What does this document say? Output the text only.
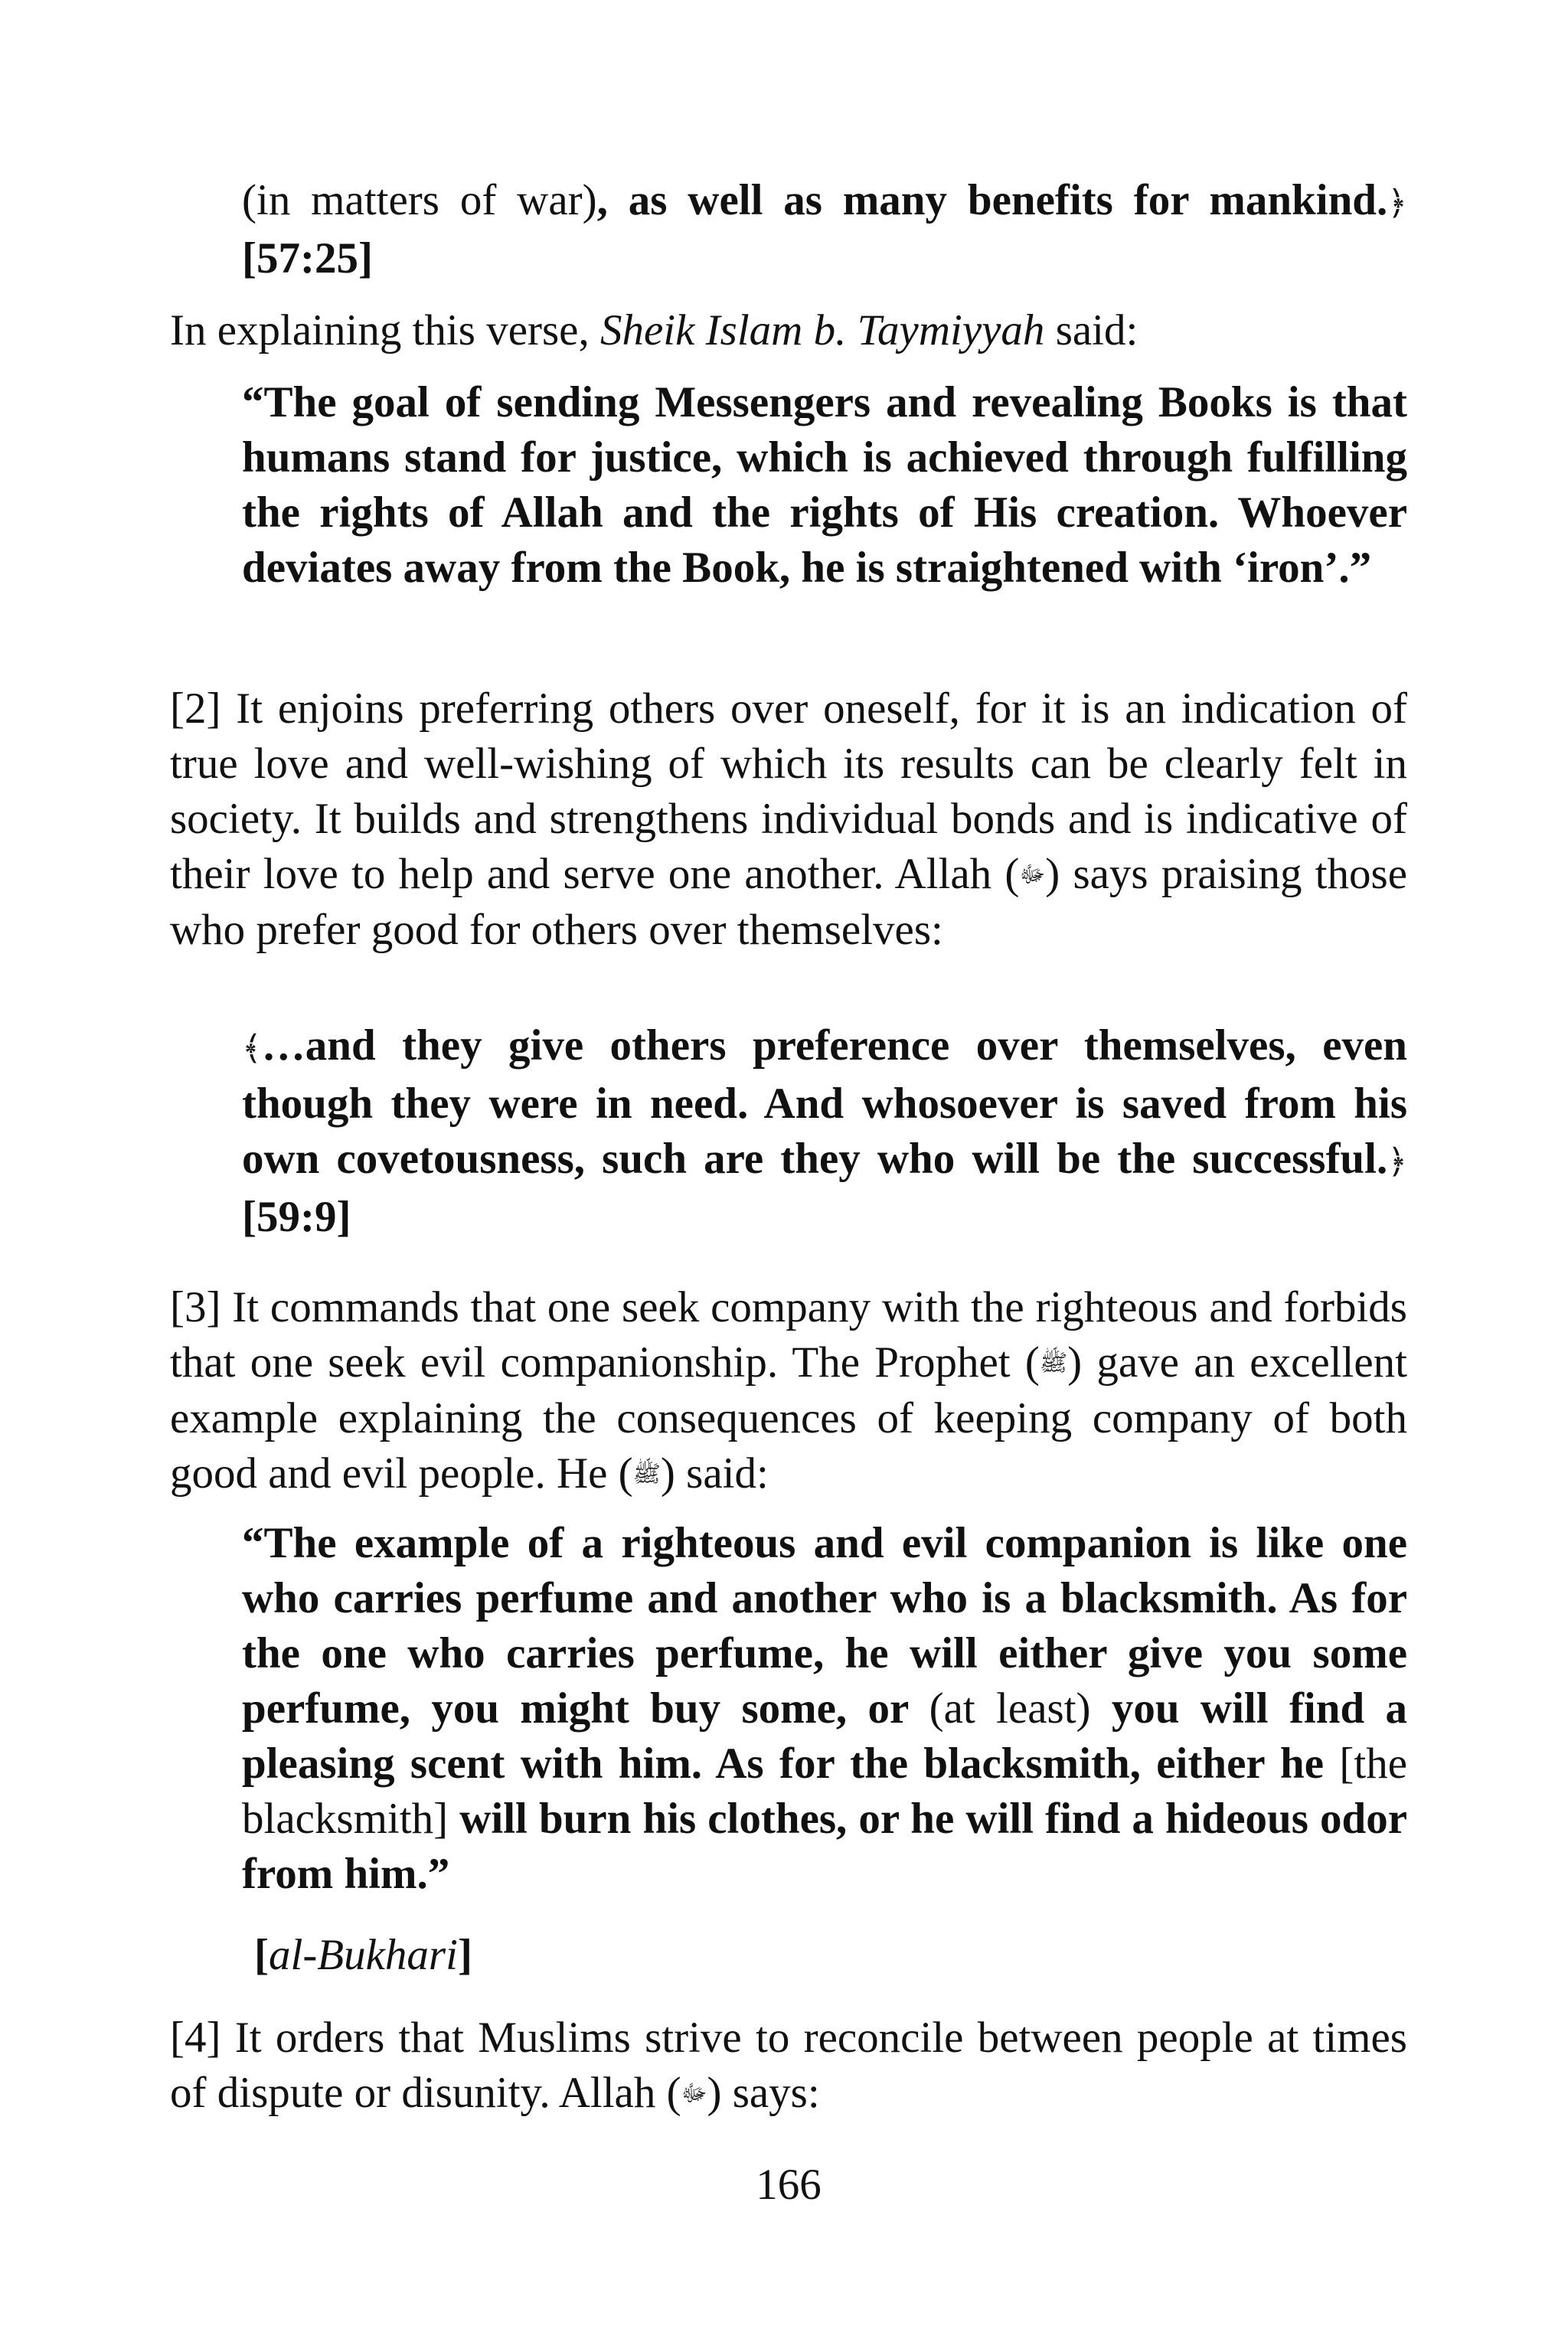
(in matters of war), as well as many benefits for mankind.﴿ [57:25]
In explaining this verse, Sheik Islam b. Taymiyyah said:
“The goal of sending Messengers and revealing Books is that humans stand for justice, which is achieved through fulfilling the rights of Allah and the rights of His creation. Whoever deviates away from the Book, he is straightened with ‘iron’.”
[2] It enjoins preferring others over oneself, for it is an indication of true love and well-wishing of which its results can be clearly felt in society. It builds and strengthens individual bonds and is indicative of their love to help and serve one another. Allah (ﷻ) says praising those who prefer good for others over themselves:
﴾…and they give others preference over themselves, even though they were in need. And whosoever is saved from his own covetousness, such are they who will be the successful.﴿ [59:9]
[3] It commands that one seek company with the righteous and forbids that one seek evil companionship. The Prophet (ﷺ) gave an excellent example explaining the consequences of keeping company of both good and evil people. He (ﷺ) said:
“The example of a righteous and evil companion is like one who carries perfume and another who is a blacksmith. As for the one who carries perfume, he will either give you some perfume, you might buy some, or (at least) you will find a pleasing scent with him. As for the blacksmith, either he [the blacksmith] will burn his clothes, or he will find a hideous odor from him.”
[al-Bukhari]
[4] It orders that Muslims strive to reconcile between people at times of dispute or disunity. Allah (ﷻ) says:
166
